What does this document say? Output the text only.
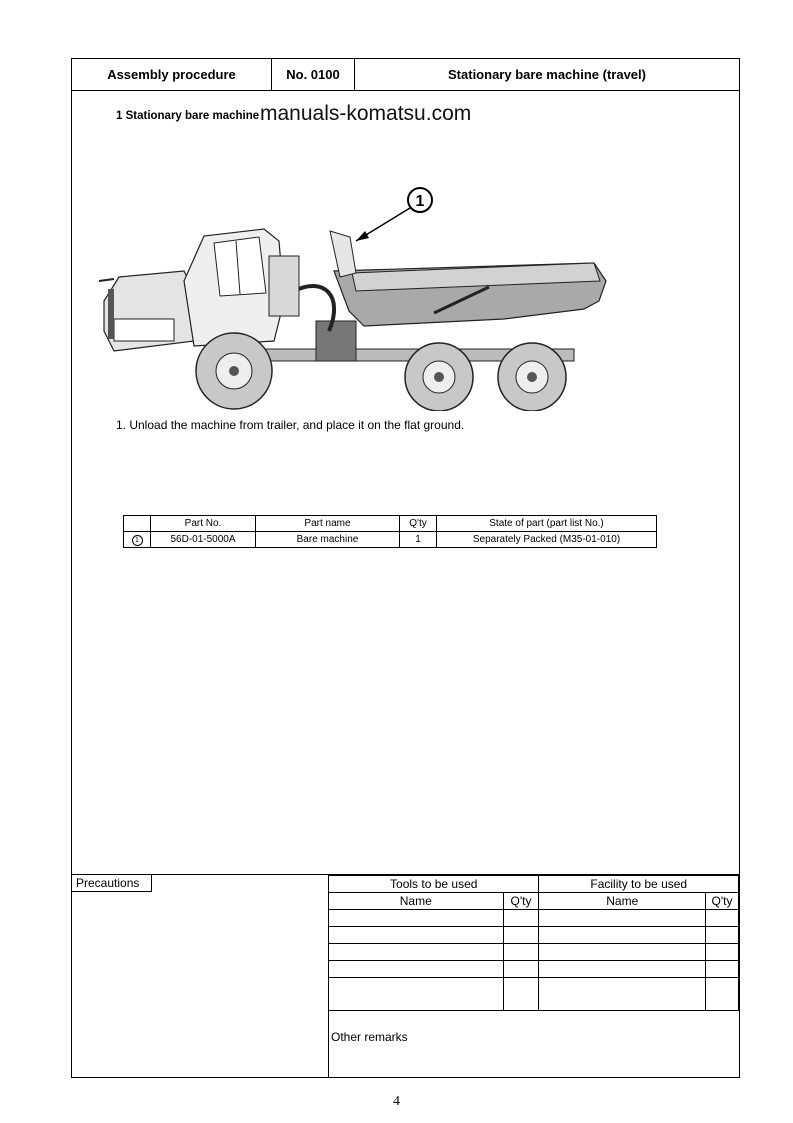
Assembly procedure	No. 0100	Stationary bare machine (travel)
1 Stationary bare machine manuals-komatsu.com
1
1. Unload the machine from trailer, and place it on the flat ground.
	Part No.	Part name	Q'ty	State of part (part list No.)
1	56D-01-5000A	Bare machine	1	Separately Packed (M35-01-010)
Precautions	Tools to be used		Facility to be used	
Name	Q'ty	Name	Q'ty

Other remarks
4
